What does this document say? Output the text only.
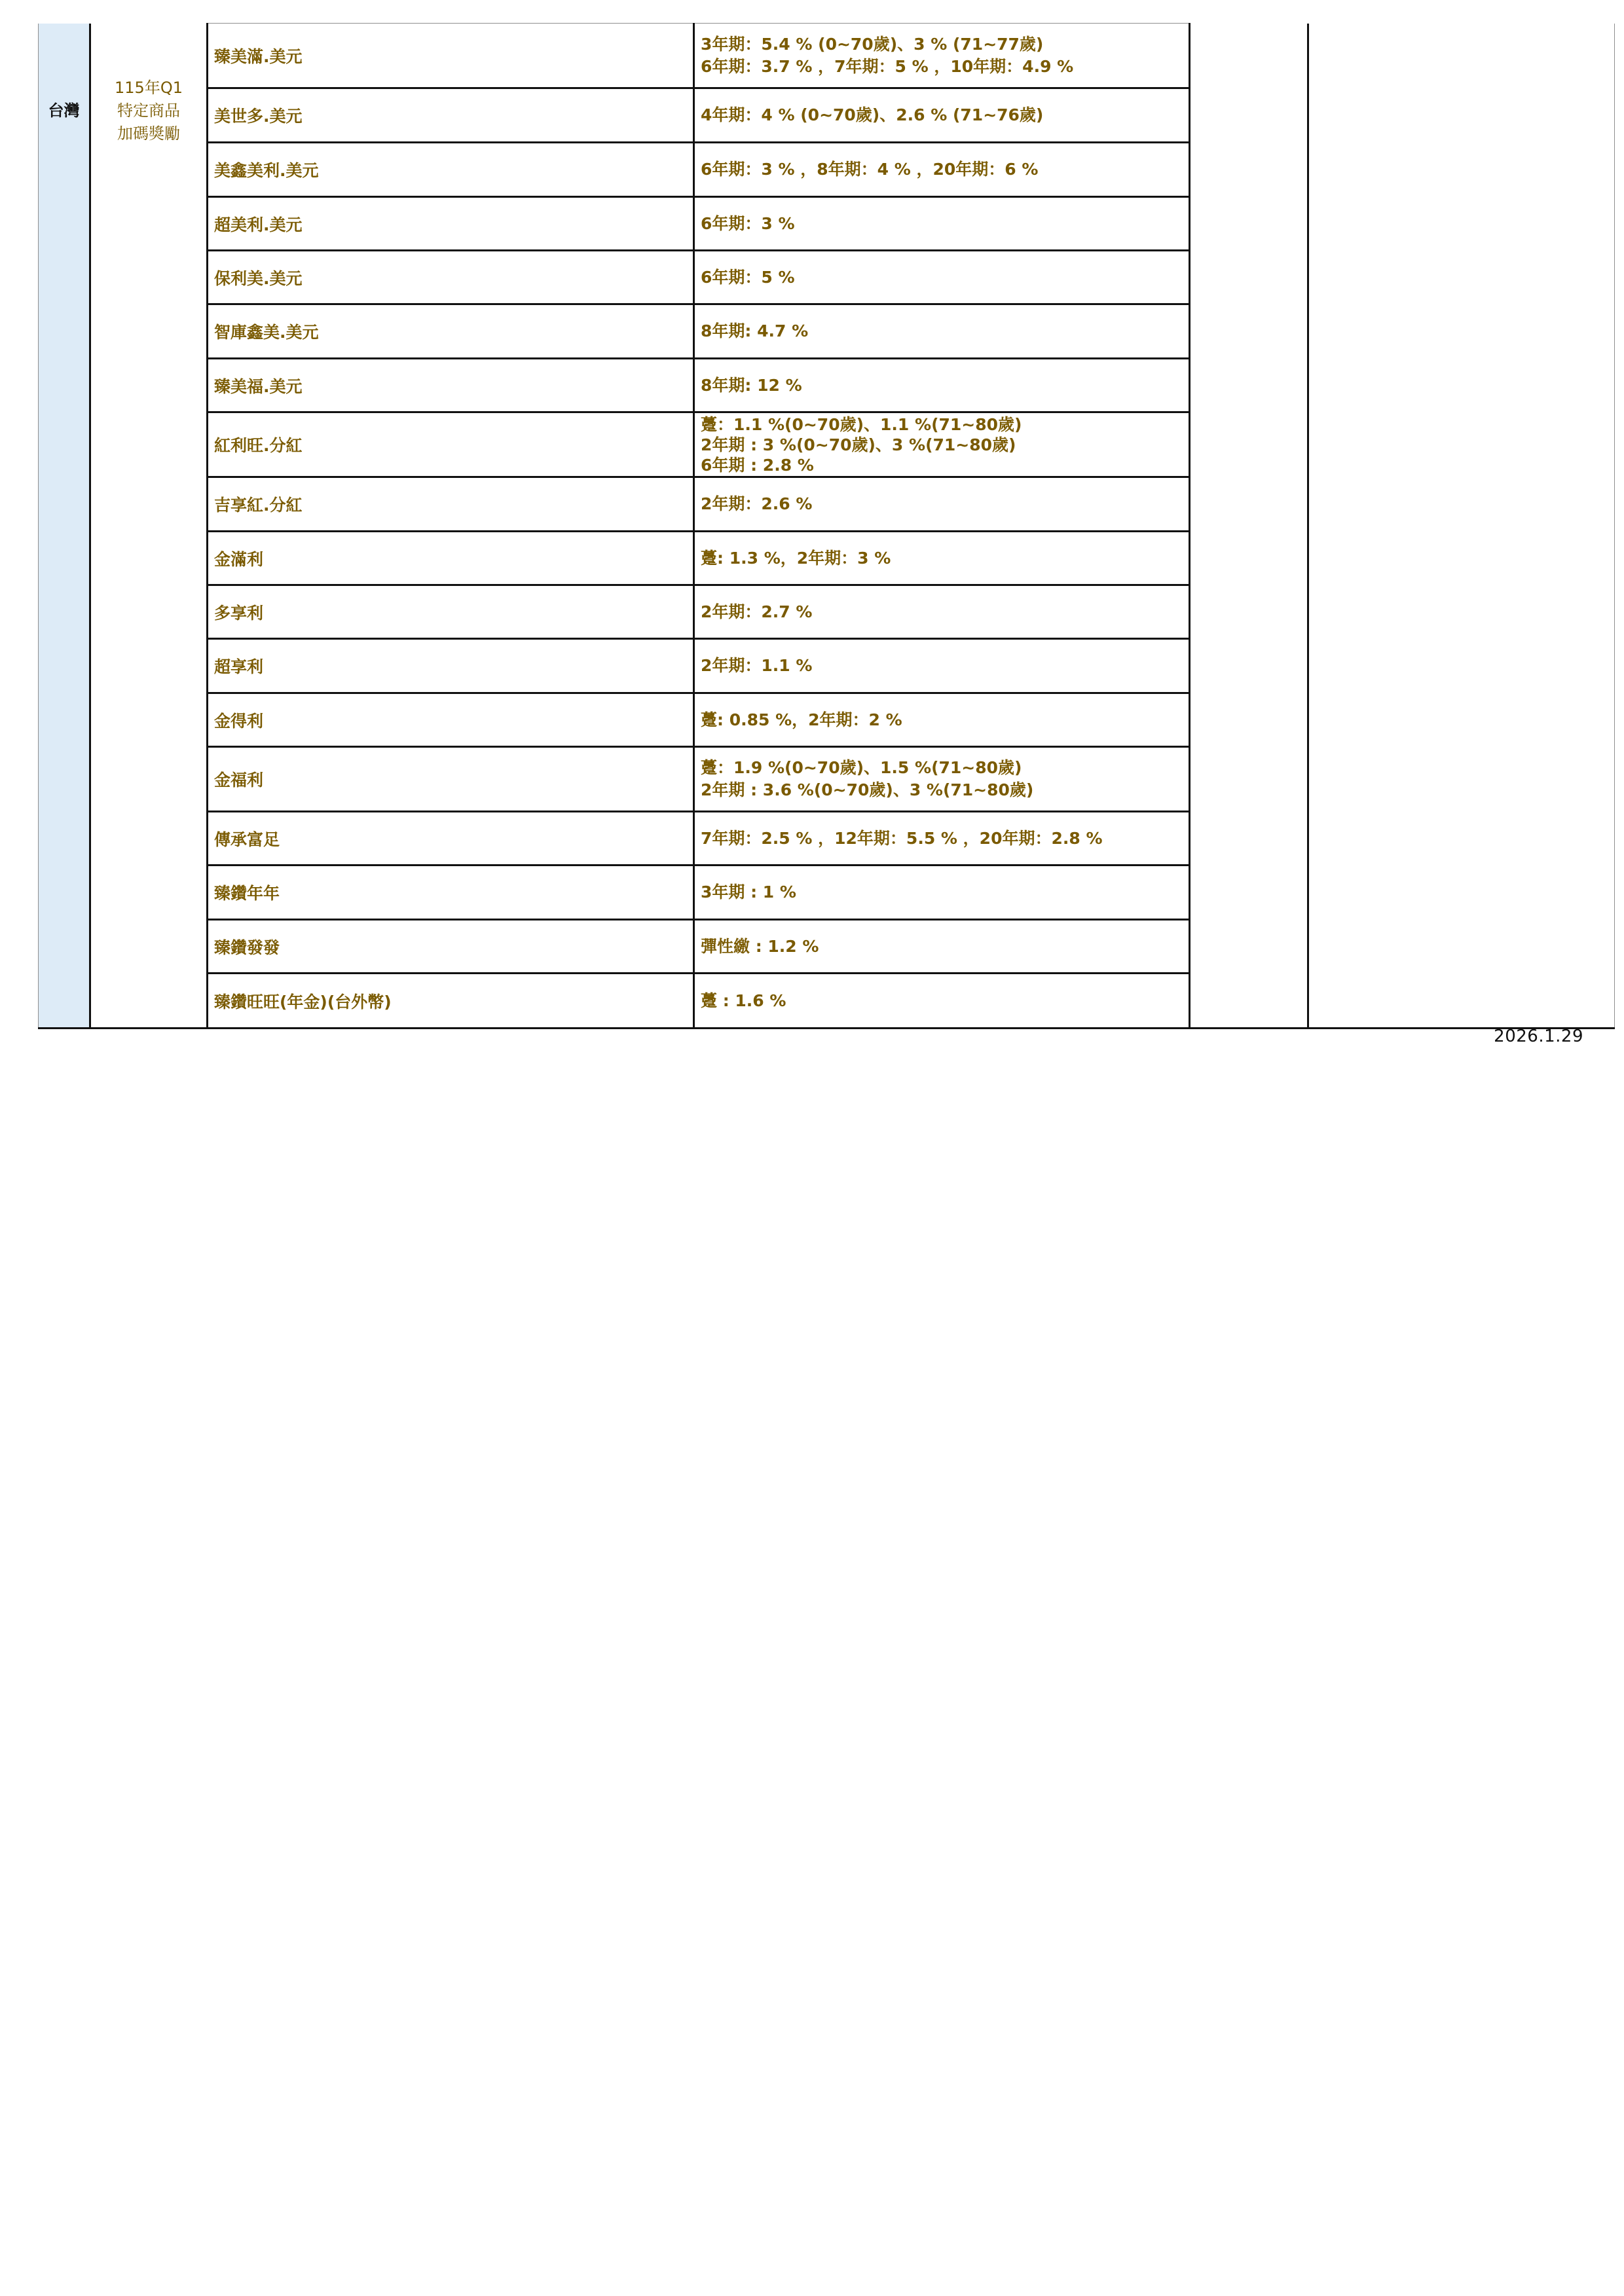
台灣	115年Q1
特定商品
加碼獎勵	臻美滿.美元	3年期：5.4 % (0~70歲)、3 % (71~77歲)
6年期：3.7 % ，7年期：5 % ，10年期：4.9 %		

		美世多.美元	4年期：4 % (0~70歲)、2.6 % (71~76歲)		

		美鑫美利.美元	6年期：3 % ，8年期：4 % ，20年期：6 %		

		超美利.美元	6年期：3 %		

		保利美.美元	6年期：5 %		

		智庫鑫美.美元	8年期: 4.7 %		

		臻美福.美元	8年期: 12 %		

		紅利旺.分紅	躉：1.1 %(0~70歲)、1.1 %(71~80歲)
2年期 : 3 %(0~70歲)、3 %(71~80歲)
6年期 : 2.8 %		

		吉享紅.分紅	2年期：2.6 %		

		金滿利	躉: 1.3 %，2年期：3 %		

		多享利	2年期：2.7 %		

		超享利	2年期：1.1 %		

		金得利	躉: 0.85 %，2年期：2 %		

		金福利	躉：1.9 %(0~70歲)、1.5 %(71~80歲)
2年期 : 3.6 %(0~70歲)、3 %(71~80歲)		

		傳承富足	7年期：2.5 % ，12年期：5.5 % ，20年期：2.8 %		

		臻鑽年年	3年期 : 1 %		

		臻鑽發發	彈性繳 : 1.2 %		

		臻鑽旺旺(年金)(台外幣)	躉 : 1.6 %		
2026.1.29
